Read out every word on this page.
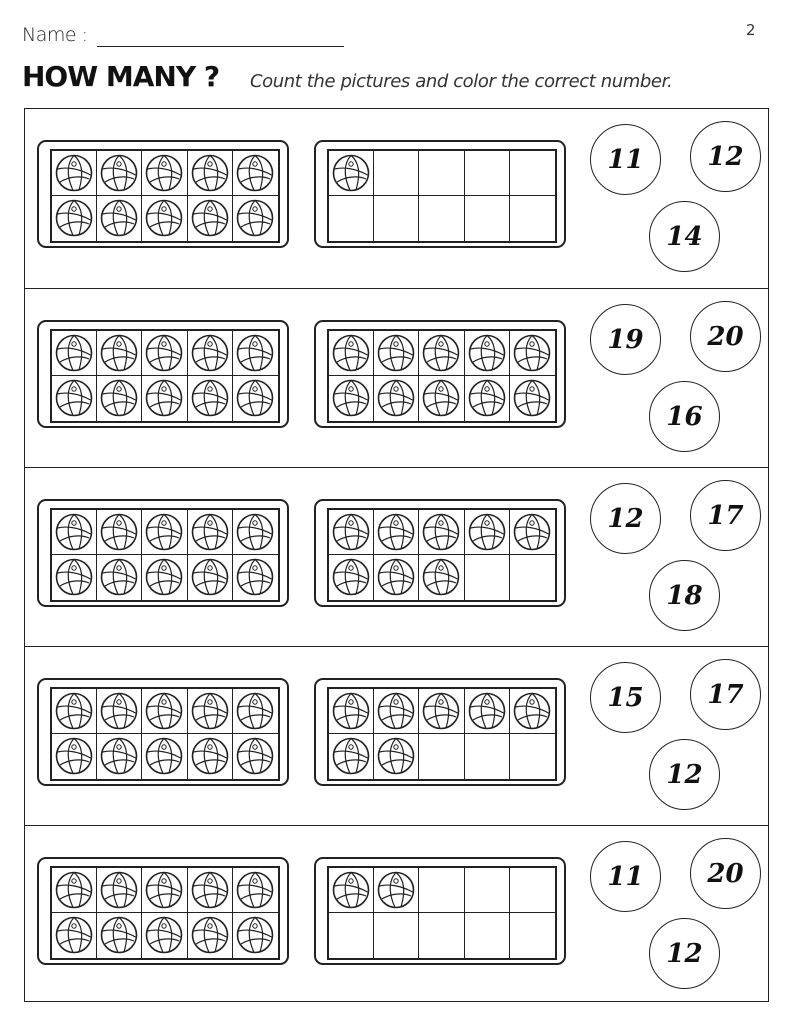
Name :	2
HOW MANY ? Count the pictures and color the correct number.
11	12
14
19	20
16
12	17
18
15	17
12
11	20
12
